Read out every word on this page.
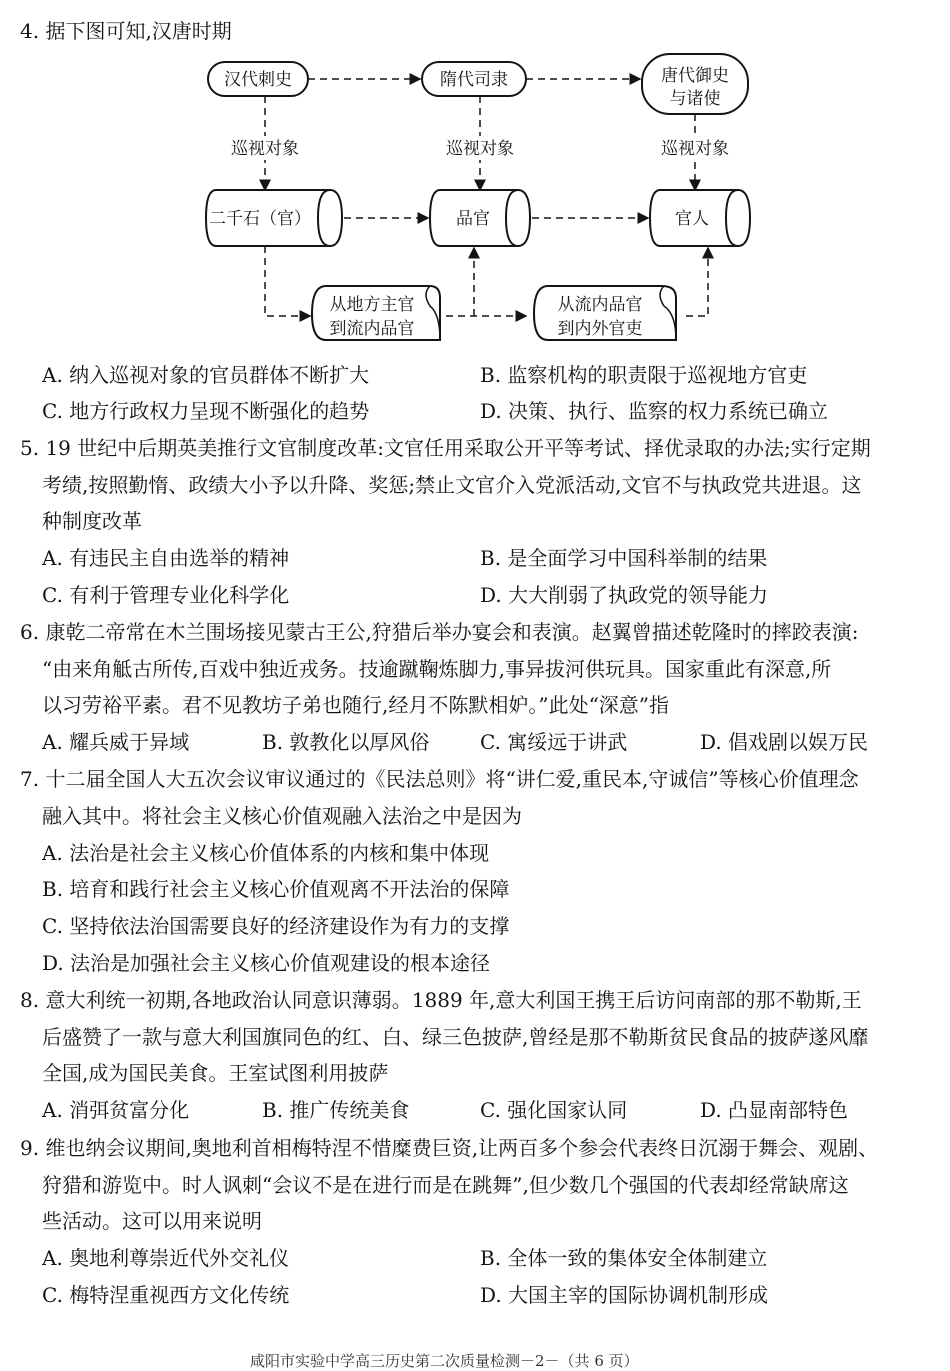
4. 据下图可知,汉唐时期
汉代刺史	隋代司隶	唐代御史
与诸使
巡视对象	巡视对象	巡视对象
二千石（官）	品官	官人
从地方主官
到流内品官
从流内品官
到内外官吏
A. 纳入巡视对象的官员群体不断扩大	B. 监察机构的职责限于巡视地方官吏
C. 地方行政权力呈现不断强化的趋势	D. 决策、执行、监察的权力系统已确立
5. 19 世纪中后期英美推行文官制度改革:文官任用采取公开平等考试、择优录取的办法;实行定期
考绩,按照勤惰、政绩大小予以升降、奖惩;禁止文官介入党派活动,文官不与执政党共进退。这
种制度改革
A. 有违民主自由选举的精神	B. 是全面学习中国科举制的结果
C. 有利于管理专业化科学化	D. 大大削弱了执政党的领导能力
6. 康乾二帝常在木兰围场接见蒙古王公,狩猎后举办宴会和表演。赵翼曾描述乾隆时的摔跤表演:
“由来角觝古所传,百戏中独近戎务。技逾蹴鞠炼脚力,事异拔河供玩具。国家重此有深意,所
以习劳裕平素。君不见教坊子弟也随行,经月不陈默相妒。”此处“深意”指
A. 耀兵威于异域	B. 敦教化以厚风俗	C. 寓绥远于讲武	D. 倡戏剧以娱万民
7. 十二届全国人大五次会议审议通过的《民法总则》将“讲仁爱,重民本,守诚信”等核心价值理念
融入其中。将社会主义核心价值观融入法治之中是因为
A. 法治是社会主义核心价值体系的内核和集中体现
B. 培育和践行社会主义核心价值观离不开法治的保障
C. 坚持依法治国需要良好的经济建设作为有力的支撑
D. 法治是加强社会主义核心价值观建设的根本途径
8. 意大利统一初期,各地政治认同意识薄弱。1889 年,意大利国王携王后访问南部的那不勒斯,王
后盛赞了一款与意大利国旗同色的红、白、绿三色披萨,曾经是那不勒斯贫民食品的披萨遂风靡
全国,成为国民美食。王室试图利用披萨
A. 消弭贫富分化	B. 推广传统美食	C. 强化国家认同	D. 凸显南部特色
9. 维也纳会议期间,奥地利首相梅特涅不惜糜费巨资,让两百多个参会代表终日沉溺于舞会、观剧、
狩猎和游览中。时人讽刺“会议不是在进行而是在跳舞”,但少数几个强国的代表却经常缺席这
些活动。这可以用来说明
A. 奥地利尊崇近代外交礼仪	B. 全体一致的集体安全体制建立
C. 梅特涅重视西方文化传统	D. 大国主宰的国际协调机制形成
咸阳市实验中学高三历史第二次质量检测－2－（共 6 页）
